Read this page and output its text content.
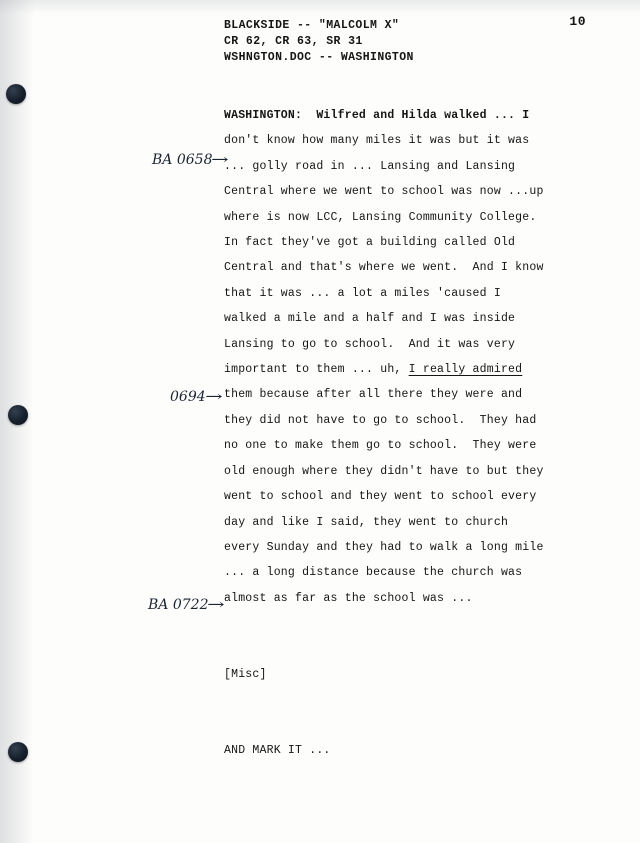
10
BLACKSIDE -- "MALCOLM X"
CR 62, CR 63, SR 31
WSHNGTON.DOC -- WASHINGTON
WASHINGTON:  Wilfred and Hilda walked ... I
don't know how many miles it was but it was
... golly road in ... Lansing and Lansing
Central where we went to school was now ...up
where is now LCC, Lansing Community College.
In fact they've got a building called Old
Central and that's where we went.  And I know
that it was ... a lot a miles 'caused I
walked a mile and a half and I was inside
Lansing to go to school.  And it was very
important to them ... uh, I really admired
them because after all there they were and
they did not have to go to school.  They had
no one to make them go to school.  They were
old enough where they didn't have to but they
went to school and they went to school every
day and like I said, they went to church
every Sunday and they had to walk a long mile
... a long distance because the church was
almost as far as the school was ...
[Misc]
AND MARK IT ...
BA 0658→
0694→
BA 0722→
